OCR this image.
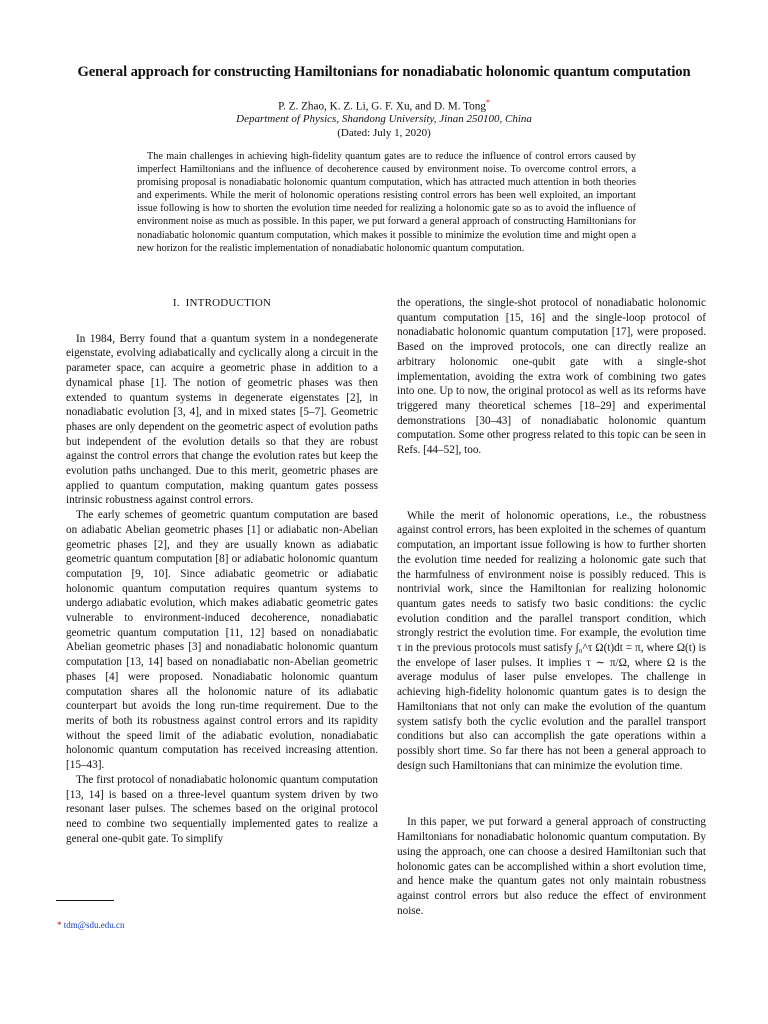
General approach for constructing Hamiltonians for nonadiabatic holonomic quantum computation
P. Z. Zhao, K. Z. Li, G. F. Xu, and D. M. Tong*
Department of Physics, Shandong University, Jinan 250100, China
(Dated: July 1, 2020)

The main challenges in achieving high-fidelity quantum gates are to reduce the influence of control errors caused by imperfect Hamiltonians and the influence of decoherence caused by environment noise. To overcome control errors, a promising proposal is nonadiabatic holonomic quantum computation, which has attracted much attention in both theories and experiments. While the merit of holonomic operations resisting control errors has been well exploited, an important issue following is how to shorten the evolution time needed for realizing a holonomic gate so as to avoid the influence of environment noise as much as possible. In this paper, we put forward a general approach of constructing Hamiltonians for nonadiabatic holonomic quantum computation, which makes it possible to minimize the evolution time and might open a new horizon for the realistic implementation of nonadiabatic holonomic quantum computation.

I. INTRODUCTION

In 1984, Berry found that a quantum system in a nondegenerate eigenstate, evolving adiabatically and cyclically along a circuit in the parameter space, can acquire a geometric phase in addition to a dynamical phase [1]. The notion of geometric phases was then extended to quantum systems in degenerate eigenstates [2], in nonadiabatic evolution [3, 4], and in mixed states [5–7]. Geometric phases are only dependent on the geometric aspect of evolution paths but independent of the evolution details so that they are robust against the control errors that change the evolution rates but keep the evolution paths unchanged. Due to this merit, geometric phases are applied to quantum computation, making quantum gates possess intrinsic robustness against control errors.

The early schemes of geometric quantum computation are based on adiabatic Abelian geometric phases [1] or adiabatic non-Abelian geometric phases [2], and they are usually known as adiabatic geometric quantum computation [8] or adiabatic holonomic quantum computation [9, 10]. Since adiabatic geometric or adiabatic holonomic quantum computation requires quantum systems to undergo adiabatic evolution, which makes adiabatic geometric gates vulnerable to environment-induced decoherence, nonadiabatic geometric quantum computation [11, 12] based on nonadiabatic Abelian geometric phases [3] and nonadiabatic holonomic quantum computation [13, 14] based on nonadiabatic non-Abelian geometric phases [4] were proposed. Nonadiabatic holonomic quantum computation shares all the holonomic nature of its adiabatic counterpart but avoids the long run-time requirement. Due to the merits of both its robustness against control errors and its rapidity without the speed limit of the adiabatic evolution, nonadiabatic holonomic quantum computation has received increasing attention. [15–43].

The first protocol of nonadiabatic holonomic quantum computation [13, 14] is based on a three-level quantum system driven by two resonant laser pulses. The schemes based on the original protocol need to combine two sequentially implemented gates to realize a general one-qubit gate. To simplify

the operations, the single-shot protocol of nonadiabatic holonomic quantum computation [15, 16] and the single-loop protocol of nonadiabatic holonomic quantum computation [17], were proposed. Based on the improved protocols, one can directly realize an arbitrary holonomic one-qubit gate with a single-shot implementation, avoiding the extra work of combining two gates into one. Up to now, the original protocol as well as its reforms have triggered many theoretical schemes [18–29] and experimental demonstrations [30–43] of nonadiabatic holonomic quantum computation. Some other progress related to this topic can be seen in Refs. [44–52], too.

While the merit of holonomic operations, i.e., the robustness against control errors, has been exploited in the schemes of quantum computation, an important issue following is how to further shorten the evolution time needed for realizing a holonomic gate such that the harmfulness of environment noise is possibly reduced. This is nontrivial work, since the Hamiltonian for realizing holonomic quantum gates needs to satisfy two basic conditions: the cyclic evolution condition and the parallel transport condition, which strongly restrict the evolution time. For example, the evolution time τ in the previous protocols must satisfy ∫₀^τ Ω(t)dt = π, where Ω(t) is the envelope of laser pulses. It implies τ ∼ π/Ω, where Ω is the average modulus of laser pulse envelopes. The challenge in achieving high-fidelity holonomic quantum gates is to design the Hamiltonians that not only can make the evolution of the quantum system satisfy both the cyclic evolution and the parallel transport conditions but also can accomplish the gate operations within a possibly short time. So far there has not been a general approach to design such Hamiltonians that can minimize the evolution time.

In this paper, we put forward a general approach of constructing Hamiltonians for nonadiabatic holonomic quantum computation. By using the approach, one can choose a desired Hamiltonian such that holonomic gates can be accomplished within a short evolution time, and hence make the quantum gates not only maintain robustness against control errors but also reduce the effect of environment noise.

* tdm@sdu.edu.cn
